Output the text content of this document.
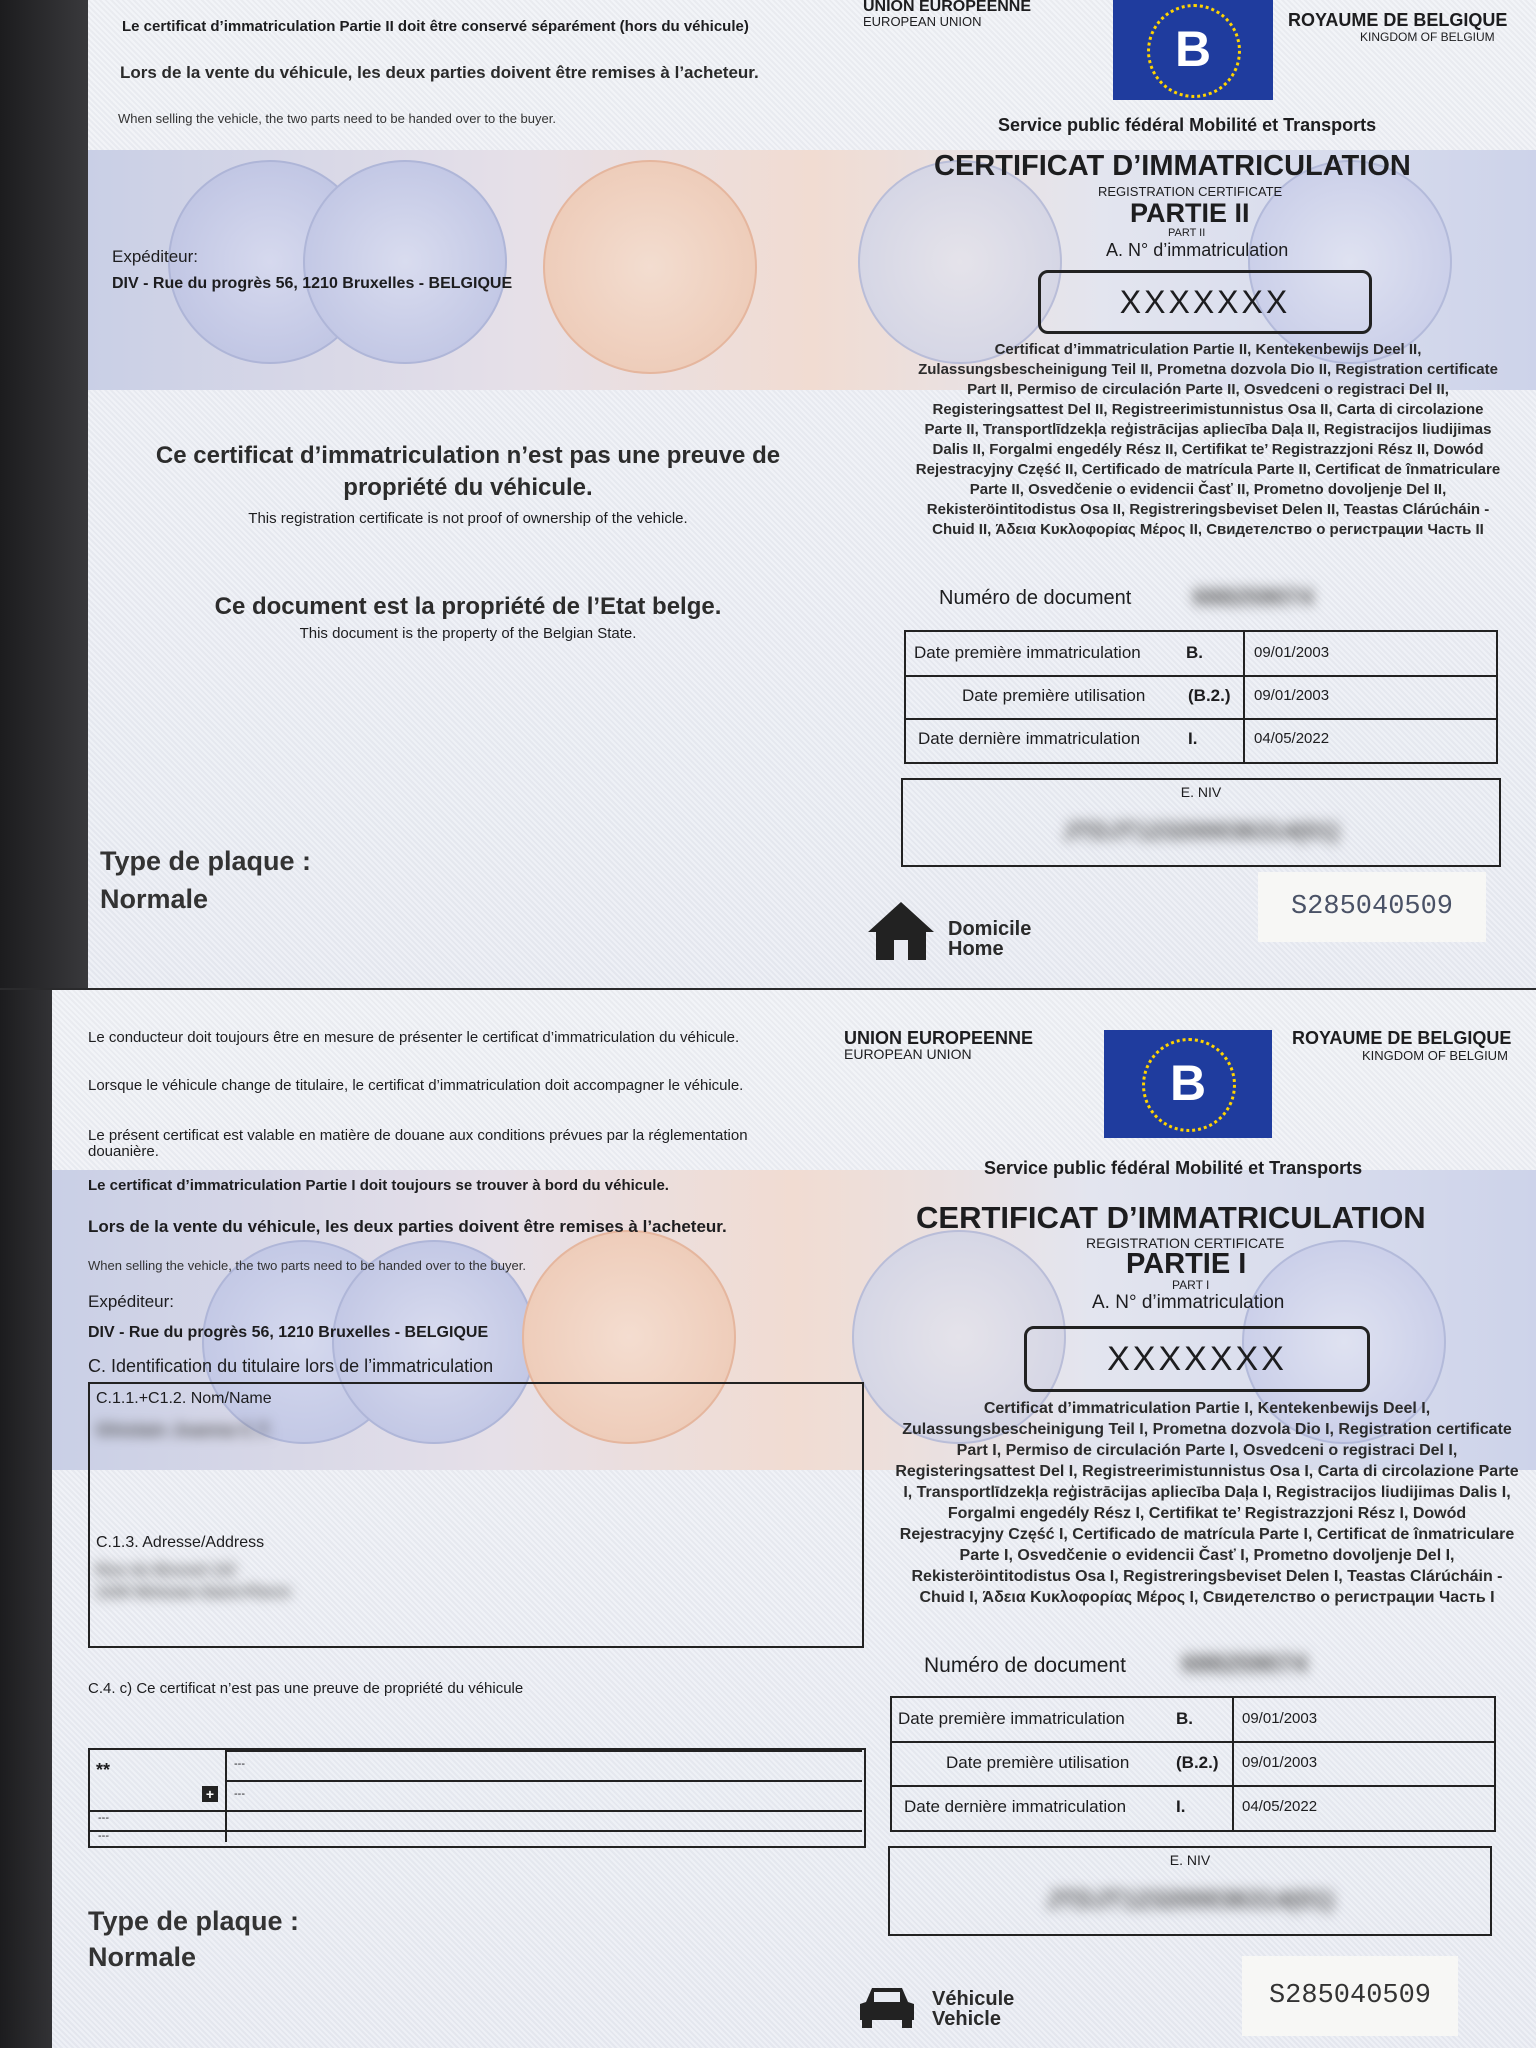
Le certificat d’immatriculation Partie II doit être conservé séparément (hors du véhicule)
Lors de la vente du véhicule, les deux parties doivent être remises à l’acheteur.
When selling the vehicle, the two parts need to be handed over to the buyer.
UNION EUROPEENNE
EUROPEAN UNION	B
ROYAUME DE BELGIQUE
KINGDOM OF BELGIUM
Service public fédéral Mobilité et Transports
CERTIFICAT D’IMMATRICULATION
REGISTRATION CERTIFICATE
PARTIE II
PART II
A. N° d’immatriculation
XXXXXXX
Expéditeur:
DIV - Rue du progrès 56, 1210 Bruxelles - BELGIQUE
Certificat d’immatriculation Partie II, Kentekenbewijs Deel II, Zulassungsbescheinigung Teil II, Prometna dozvola Dio II, Registration certificate Part II, Permiso de circulación Parte II, Osvedceni o registraci Del II, Registeringsattest Del II, Registreerimistunnistus Osa II, Carta di circolazione Parte II, Transportlīdzekļa reģistrācijas apliecība Daļa II, Registracijos liudijimas Dalis II, Forgalmi engedély Rész II, Certifikat te’ Registrazzjoni Rész II, Dowód Rejestracyjny Część II, Certificado de matrícula Parte II, Certificat de înmatriculare Parte II, Osvedčenie o evidencii Časť II, Prometno dovoljenje Del II, Rekisteröintitodistus Osa II, Registreringsbeviset Delen II, Teastas Clárúcháin - Chuid II, Άδεια Κυκλοφορίας Μέρος II, Свидетелство о регистрации Часть II
Ce certificat d’immatriculation n’est pas une preuve de propriété du véhicule.
This registration certificate is not proof of ownership of the vehicle.
Ce document est la propriété de l’Etat belge.
This document is the property of the Belgian State.
Numéro de document	688259074
Date première immatriculation	B.	09/01/2003
Date première utilisation	(B.2.) 09/01/2003
Date dernière immatriculation	I.	04/05/2022
E. NIV
JTDJT123200036314(01)
Type de plaque :
Normale
Domicile
Home
S285040509
Le conducteur doit toujours être en mesure de présenter le certificat d’immatriculation du véhicule.
Lorsque le véhicule change de titulaire, le certificat d’immatriculation doit accompagner le véhicule.
Le présent certificat est valable en matière de douane aux conditions prévues par la réglementation douanière.
Le certificat d’immatriculation Partie I doit toujours se trouver à bord du véhicule.
Lors de la vente du véhicule, les deux parties doivent être remises à l’acheteur.
When selling the vehicle, the two parts need to be handed over to the buyer.
UNION EUROPEENNE
EUROPEAN UNION
B
ROYAUME DE BELGIQUE
KINGDOM OF BELGIUM
Service public fédéral Mobilité et Transports
CERTIFICAT D’IMMATRICULATION
REGISTRATION CERTIFICATE
PARTIE I
PART I
A. N° d’immatriculation
XXXXXXX
Expéditeur:
DIV - Rue du progrès 56, 1210 Bruxelles - BELGIQUE
C. Identification du titulaire lors de l’immatriculation
C.1.1.+C1.2. Nom/Name
Ghislain Joanna C.T.
C.1.3. Adresse/Address
Rue du Bosset 1/4
1150 Woluwe-Saint-Pierre
C.4. c) Ce certificat n’est pas une preuve de propriété du véhicule
**
+
---
---
---
---
Certificat d’immatriculation Partie I, Kentekenbewijs Deel I, Zulassungsbescheinigung Teil I, Prometna dozvola Dio I, Registration certificate Part I, Permiso de circulación Parte I, Osvedceni o registraci Del I, Registeringsattest Del I, Registreerimistunnistus Osa I, Carta di circolazione Parte I, Transportlīdzekļa reģistrācijas apliecība Daļa I, Registracijos liudijimas Dalis I, Forgalmi engedély Rész I, Certifikat te’ Registrazzjoni Rész I, Dowód Rejestracyjny Część I, Certificado de matrícula Parte I, Certificat de înmatriculare Parte I, Osvedčenie o evidencii Časť I, Prometno dovoljenje Del I, Rekisteröintitodistus Osa I, Registreringsbeviset Delen I, Teastas Clárúcháin - Chuid I, Άδεια Κυκλοφορίας Μέρος I, Свидетелство о регистрации Часть I
Numéro de document 688259074
Date première immatriculation	B.	09/01/2003
Date première utilisation	(B.2.) 09/01/2003
Date dernière immatriculation	I.	04/05/2022
E. NIV
JTDJT123200036314(01)
Type de plaque :
Normale
Véhicule
Vehicle
S285040509
